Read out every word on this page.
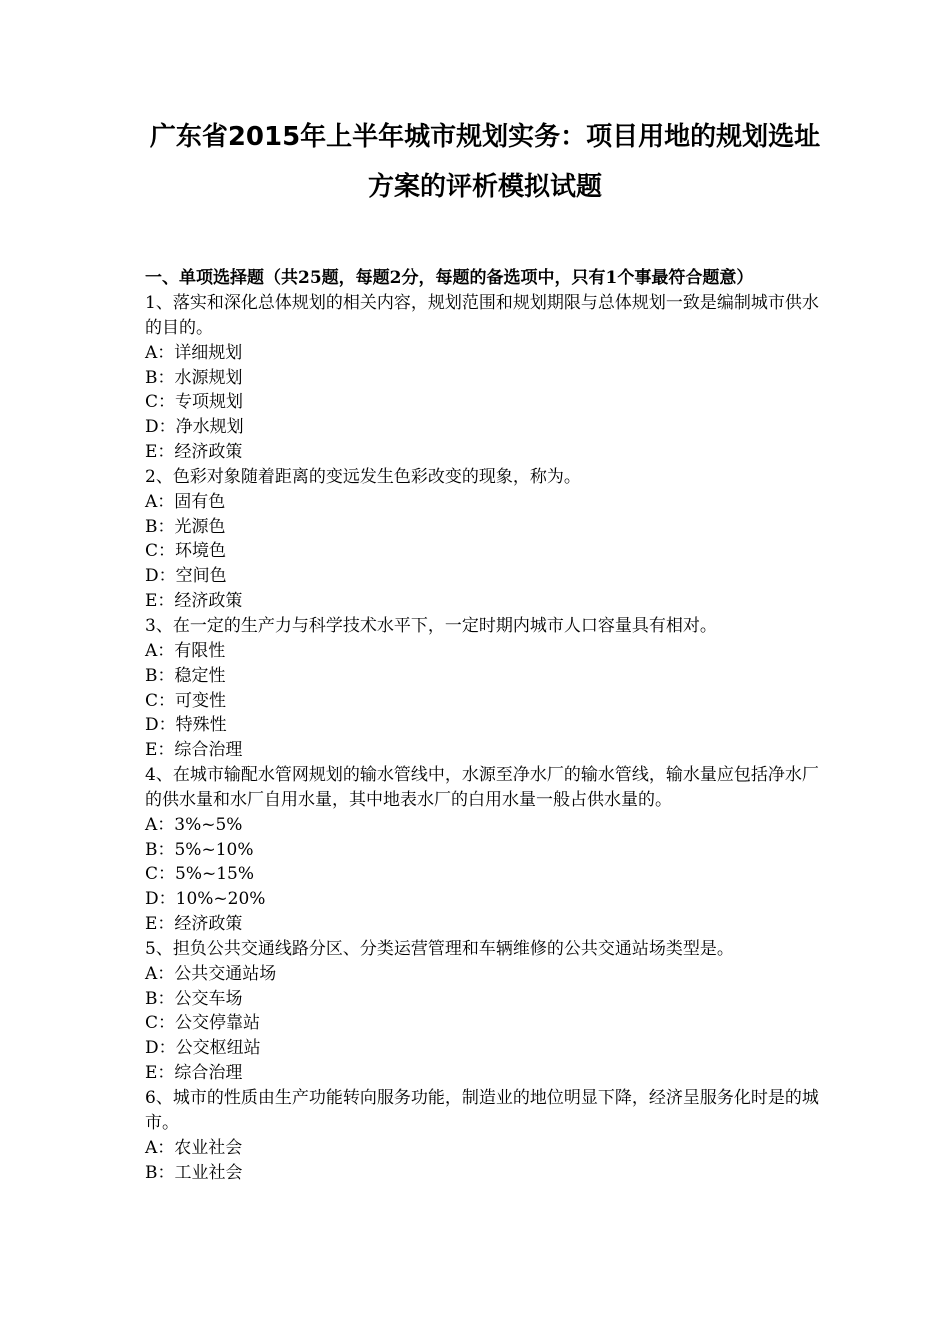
广东省2015年上半年城市规划实务：项目用地的规划选址
方案的评析模拟试题
一、单项选择题（共25题，每题2分，每题的备选项中，只有1个事最符合题意）
1、落实和深化总体规划的相关内容，规划范围和规划期限与总体规划一致是编制城市供水的目的。
A：详细规划
B：水源规划
C：专项规划
D：净水规划
E：经济政策
2、色彩对象随着距离的变远发生色彩改变的现象，称为。
A：固有色
B：光源色
C：环境色
D：空间色
E：经济政策
3、在一定的生产力与科学技术水平下，一定时期内城市人口容量具有相对。
A：有限性
B：稳定性
C：可变性
D：特殊性
E：综合治理
4、在城市输配水管网规划的输水管线中，水源至净水厂的输水管线，输水量应包括净水厂的供水量和水厂自用水量，其中地表水厂的白用水量一般占供水量的。
A：3%~5%
B：5%~10%
C：5%~15%
D：10%~20%
E：经济政策
5、担负公共交通线路分区、分类运营管理和车辆维修的公共交通站场类型是。
A：公共交通站场
B：公交车场
C：公交停靠站
D：公交枢纽站
E：综合治理
6、城市的性质由生产功能转向服务功能，制造业的地位明显下降，经济呈服务化时是的城市。
A：农业社会
B：工业社会
